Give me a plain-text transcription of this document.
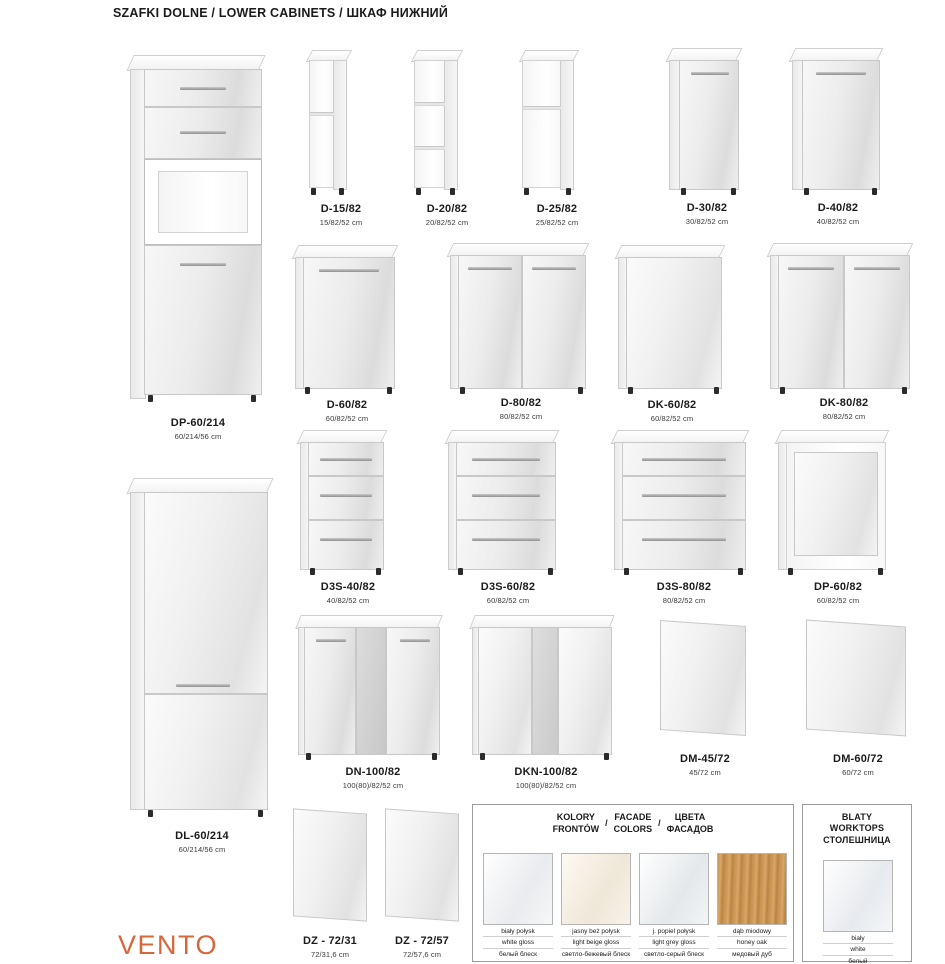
SZAFKI DOLNE / LOWER CABINETS / ШКАФ НИЖНИЙ
DP-60/214
60/214/56 cm
D-15/82
15/82/52 cm
D-20/82
20/82/52 cm
D-25/82
25/82/52 cm
D-30/82
30/82/52 cm
D-40/82
40/82/52 cm
D-60/82
60/82/52 cm
D-80/82
80/82/52 cm
DK-60/82
60/82/52 cm
DK-80/82
80/82/52 cm
D3S-40/82
40/82/52 cm
D3S-60/82
60/82/52 cm
D3S-80/82
80/82/52 cm
DP-60/82
60/82/52 cm
DN-100/82
100(80)/82/52 cm
DKN-100/82
100(80)/82/52 cm
DM-45/72
45/72 cm
DM-60/72
60/72 cm
DL-60/214
60/214/56 cm
DZ - 72/31
72/31,6 cm
DZ - 72/57
72/57,6 cm
KOLORY
FRONTÓW
/
FACADE
COLORS
/
ЦВЕТА
ФАСАДОВ
biały połysk
white gloss
белый блеск
jasny beż połysk
light beige gloss
светло-бежевый блеск
j. popiel połysk
light grey gloss
светло-серый блеск
dąb miodowy
honey oak
медовый дуб
BLATY
WORKTOPS
СТОЛЕШНИЦА
biały
white
белый
VENTO
